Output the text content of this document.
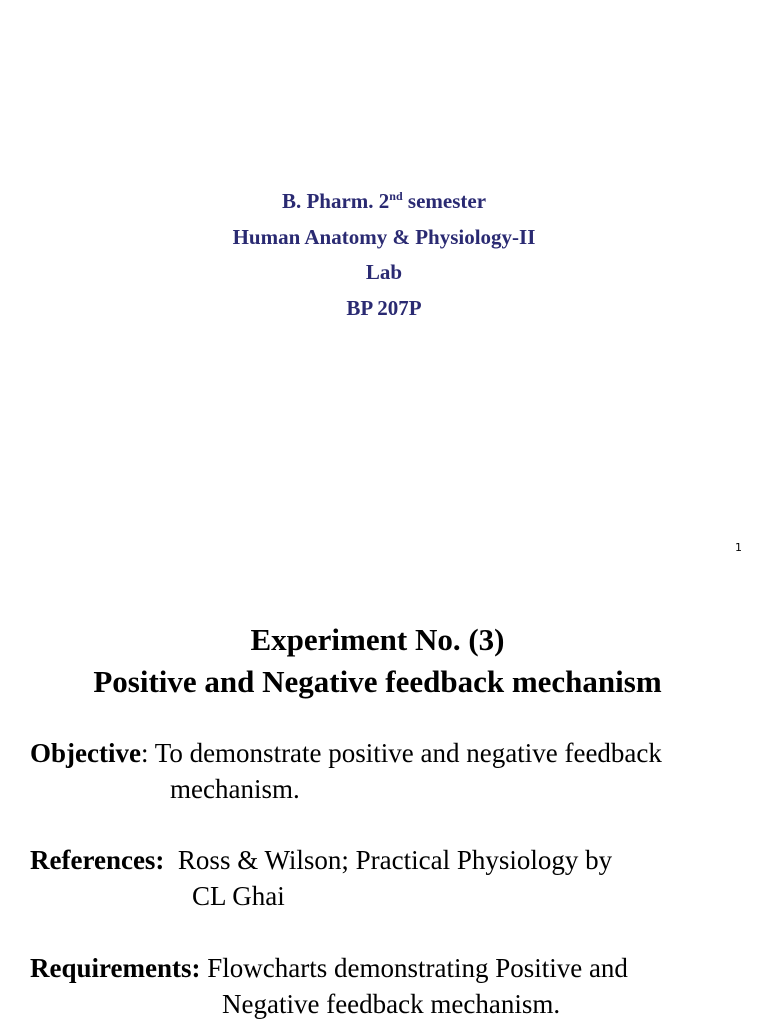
B. Pharm. 2nd semester
Human Anatomy & Physiology-II
Lab
BP 207P
1
Experiment No. (3)
Positive and Negative feedback mechanism
Objective: To demonstrate positive and negative feedback
mechanism.
References:  Ross & Wilson; Practical Physiology by
CL Ghai
Requirements: Flowcharts demonstrating Positive and
Negative feedback mechanism.
